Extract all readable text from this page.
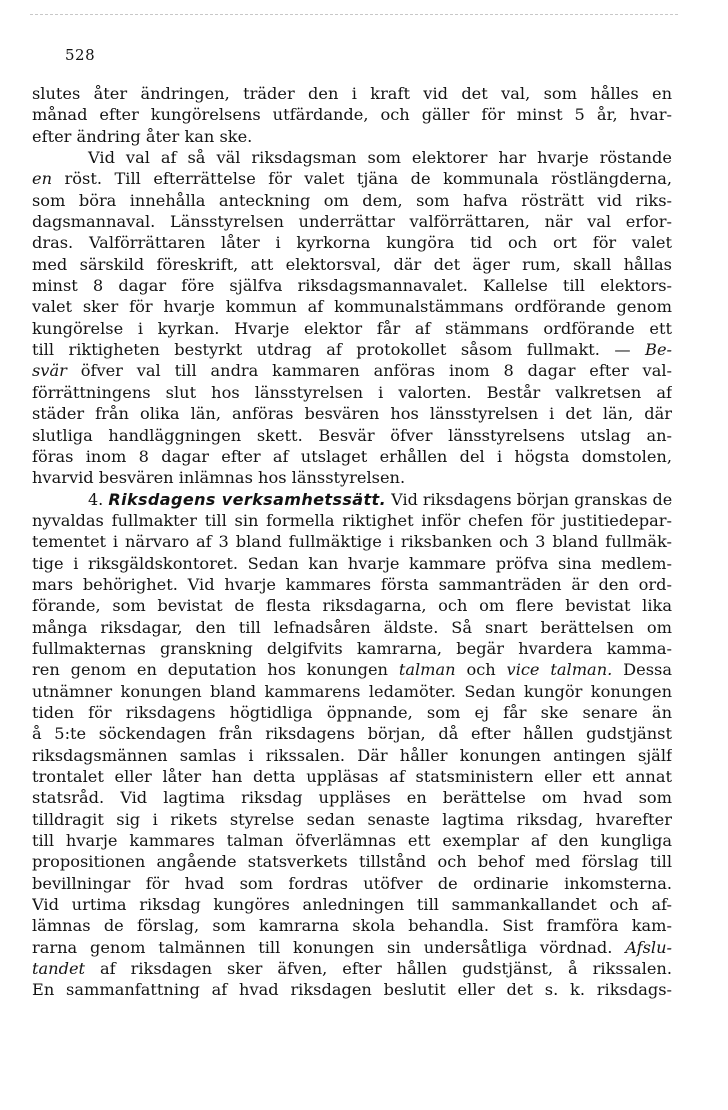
528
slutes åter ändringen, träder den i kraft vid det val, som hålles en
månad efter kungörelsens utfärdande, och gäller för minst 5 år, hvar-
efter ändring åter kan ske.
Vid val af så väl riksdagsman som elektorer har hvarje röstande
en röst. Till efterrättelse för valet tjäna de kommunala röstlängderna,
som böra innehålla anteckning om dem, som hafva rösträtt vid riks-
dagsmannaval. Länsstyrelsen underrättar valförrättaren, när val erfor-
dras. Valförrättaren låter i kyrkorna kungöra tid och ort för valet
med särskild föreskrift, att elektorsval, där det äger rum, skall hållas
minst 8 dagar före själfva riksdagsmannavalet. Kallelse till elektors-
valet sker för hvarje kommun af kommunalstämmans ordförande genom
kungörelse i kyrkan. Hvarje elektor får af stämmans ordförande ett
till riktigheten bestyrkt utdrag af protokollet såsom fullmakt. — Be-
svär öfver val till andra kammaren anföras inom 8 dagar efter val-
förrättningens slut hos länsstyrelsen i valorten. Består valkretsen af
städer från olika län, anföras besvären hos länsstyrelsen i det län, där
slutliga handläggningen skett. Besvär öfver länsstyrelsens utslag an-
föras inom 8 dagar efter af utslaget erhållen del i högsta domstolen,
hvarvid besvären inlämnas hos länsstyrelsen.
4. Riksdagens verksamhetssätt. Vid riksdagens början granskas de
nyvaldas fullmakter till sin formella riktighet inför chefen för justitiedepar-
tementet i närvaro af 3 bland fullmäktige i riksbanken och 3 bland fullmäk-
tige i riksgäldskontoret. Sedan kan hvarje kammare pröfva sina medlem-
mars behörighet. Vid hvarje kammares första sammanträden är den ord-
förande, som bevistat de flesta riksdagarna, och om flere bevistat lika
många riksdagar, den till lefnadsåren äldste. Så snart berättelsen om
fullmakternas granskning delgifvits kamrarna, begär hvardera kamma-
ren genom en deputation hos konungen talman och vice talman. Dessa
utnämner konungen bland kammarens ledamöter. Sedan kungör konungen
tiden för riksdagens högtidliga öppnande, som ej får ske senare än
å 5:te söckendagen från riksdagens början, då efter hållen gudstjänst
riksdagsmännen samlas i rikssalen. Där håller konungen antingen själf
trontalet eller låter han detta uppläsas af statsministern eller ett annat
statsråd. Vid lagtima riksdag uppläses en berättelse om hvad som
tilldragit sig i rikets styrelse sedan senaste lagtima riksdag, hvarefter
till hvarje kammares talman öfverlämnas ett exemplar af den kungliga
propositionen angående statsverkets tillstånd och behof med förslag till
bevillningar för hvad som fordras utöfver de ordinarie inkomsterna.
Vid urtima riksdag kungöres anledningen till sammankallandet och af-
lämnas de förslag, som kamrarna skola behandla. Sist framföra kam-
rarna genom talmännen till konungen sin undersåtliga vördnad. Afslu-
tandet af riksdagen sker äfven, efter hållen gudstjänst, å rikssalen.
En sammanfattning af hvad riksdagen beslutit eller det s. k. riksdags-
